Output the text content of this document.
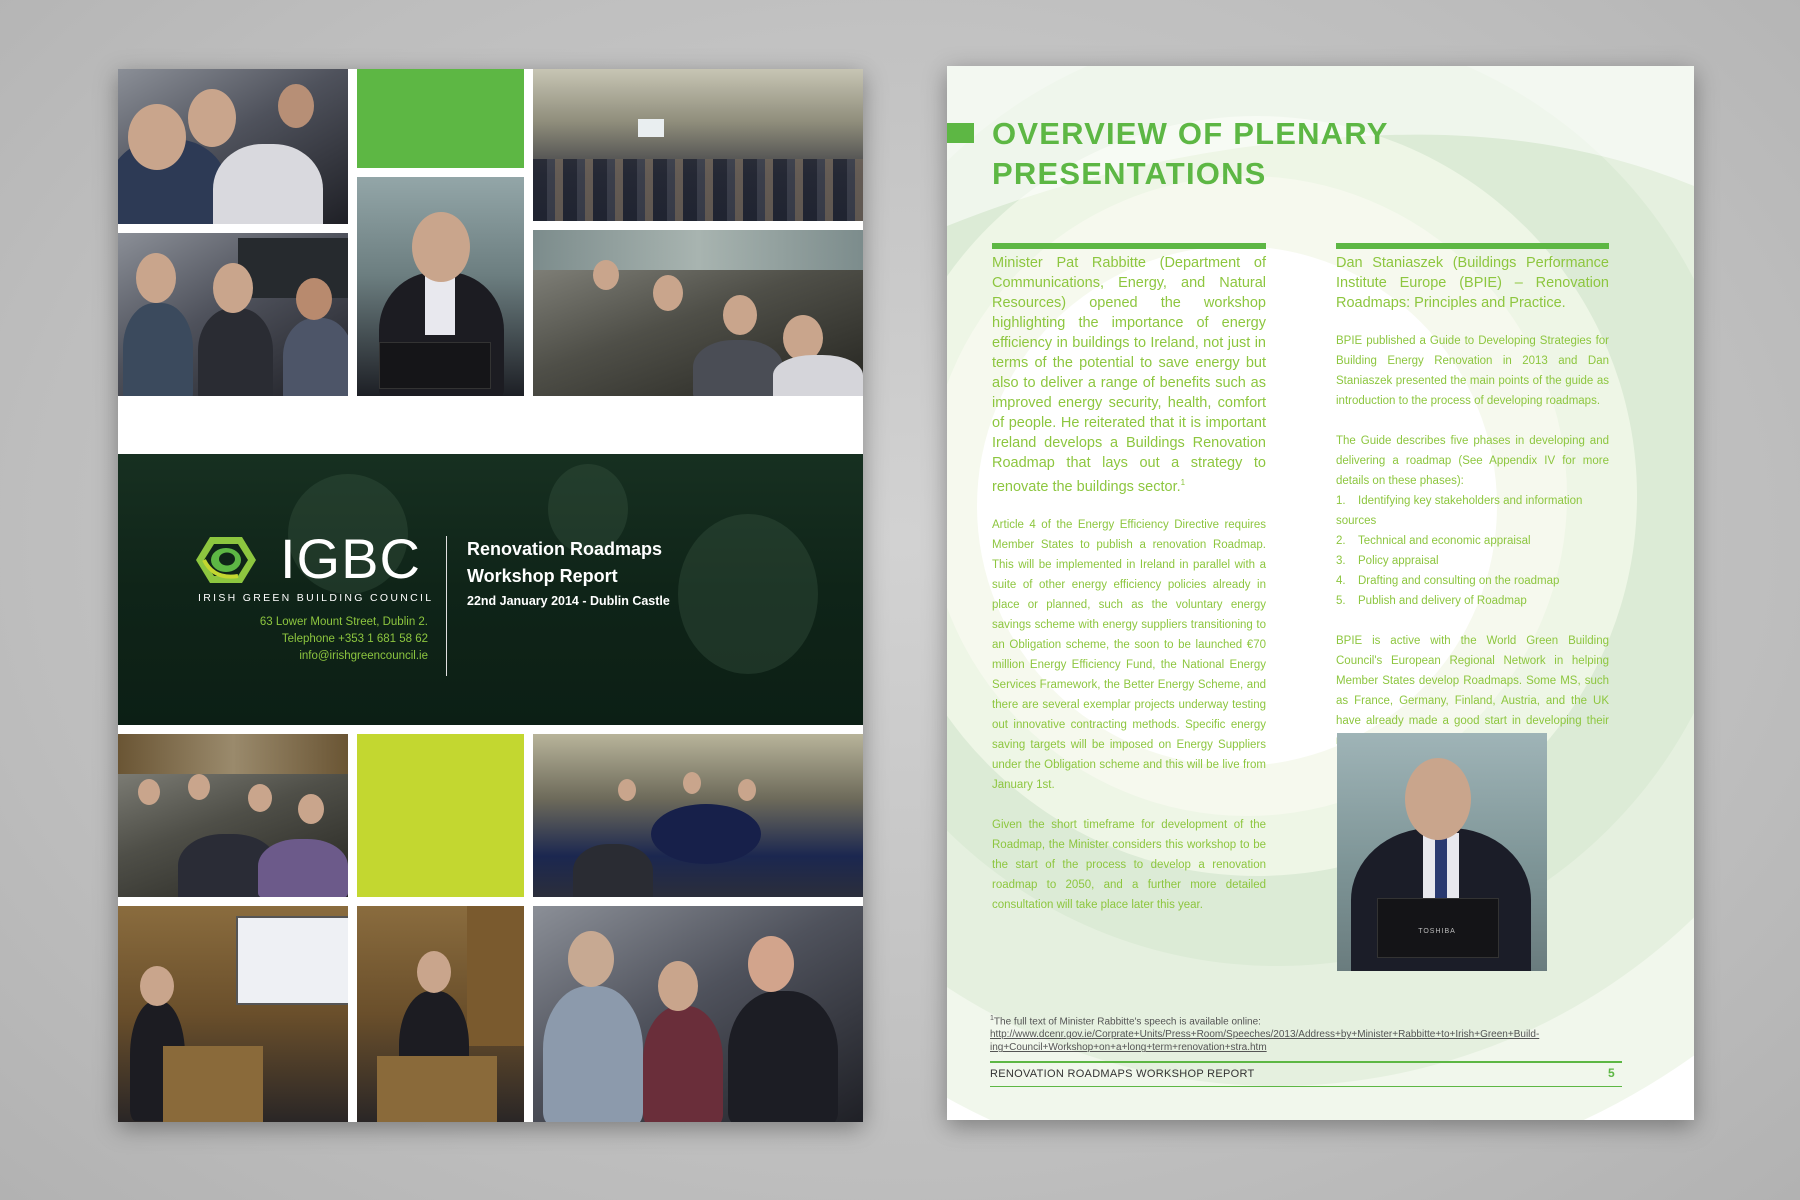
IGBC
IRISH GREEN BUILDING COUNCIL
63 Lower Mount Street, Dublin 2.
Telephone +353 1 681 58 62
info@irishgreencouncil.ie
Renovation Roadmaps
Workshop Report
22nd January 2014 - Dublin Castle
OVERVIEW OF PLENARY
PRESENTATIONS

Minister Pat Rabbitte (Department of Communications, Energy, and Natural Resources) opened the workshop highlighting the importance of energy efficiency in buildings to Ireland, not just in terms of the potential to save energy but also to deliver a range of benefits such as improved energy security, health, comfort of people. He reiterated that it is important Ireland develops a Buildings Renovation Roadmap that lays out a strategy to renovate the buildings sector.$^1$

Article 4 of the Energy Efficiency Directive requires Member States to publish a renovation Roadmap. This will be implemented in Ireland in parallel with a suite of other energy efficiency policies already in place or planned, such as the voluntary energy savings scheme with energy suppliers transitioning to an Obligation scheme, the soon to be launched €70 million Energy Efficiency Fund, the National Energy Services Framework, the Better Energy Scheme, and there are several exemplar projects underway testing out innovative contracting methods. Specific energy saving targets will be imposed on Energy Suppliers under the Obligation scheme and this will be live from January 1st.

Given the short timeframe for development of the Roadmap, the Minister considers this workshop to be the start of the process to develop a renovation roadmap to 2050, and a further more detailed consultation will take place later this year.

Dan Staniaszek (Buildings Performance Institute Europe (BPIE) – Renovation Roadmaps: Principles and Practice.

BPIE published a Guide to Developing Strategies for Building Energy Renovation in 2013 and Dan Staniaszek presented the main points of the guide as introduction to the process of developing roadmaps.

The Guide describes five phases in developing and delivering a roadmap (See Appendix IV for more details on these phases):

1. Identifying key stakeholders and information sources
2. Technical and economic appraisal
3. Policy appraisal
4. Drafting and consulting on the roadmap
5. Publish and delivery of Roadmap

BPIE is active with the World Green Building Council's European Regional Network in helping Member States develop Roadmaps. Some MS, such as France, Germany, Finland, Austria, and the UK have already made a good start in developing their

TOSHIBA
$^1$The full text of Minister Rabbitte's speech is available online:
http://www.dcenr.gov.ie/Corprate+Units/Press+Room/Speeches/2013/Address+by+Minister+Rabbitte+to+Irish+Green+Build-
ing+Council+Workshop+on+a+long+term+renovation+stra.htm
RENOVATION ROADMAPS WORKSHOP REPORT	5
